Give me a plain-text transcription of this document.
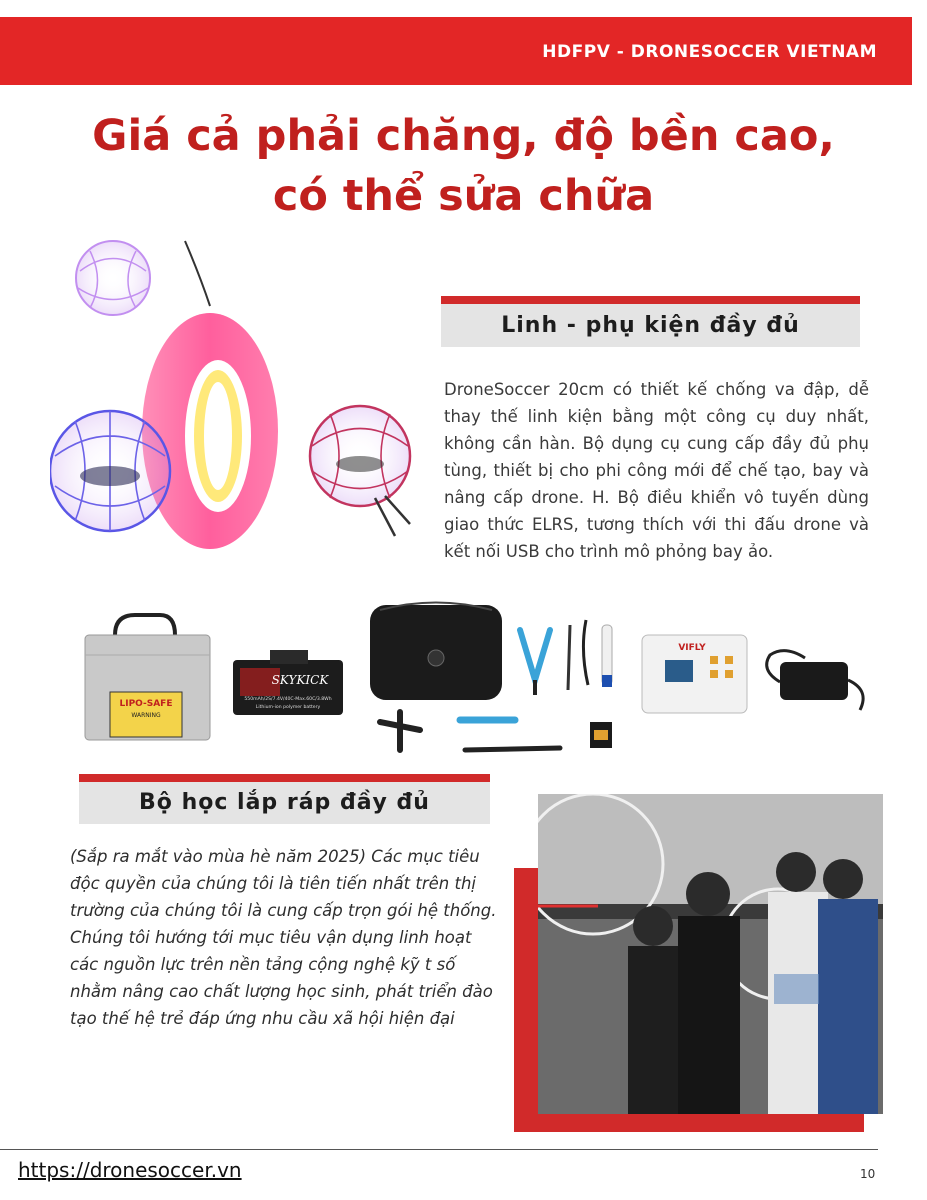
HDFPV - DRONESOCCER VIETNAM
Giá cả phải chăng, độ bền cao,
có thể sửa chữa
Linh - phụ kiện đầy đủ
DroneSoccer 20cm có thiết kế chống va đập, dễ thay thế linh kiện bằng một công cụ duy nhất, không cần hàn. Bộ dụng cụ cung cấp đầy đủ phụ tùng, thiết bị cho phi công mới để chế tạo, bay và nâng cấp drone. H. Bộ điều khiển vô tuyến dùng giao thức ELRS, tương thích với thi đấu drone và kết nối USB cho trình mô phỏng bay ảo.
LIPO-SAFE
WARNING
SKYKICK
550mAh/2S/7.4V/40C-Max.60C/3.8Wh
Lithium-ion polymer battery
VIFLY
Bộ học lắp ráp đầy đủ
(Sắp ra mắt vào mùa hè năm 2025) Các mục tiêu độc quyền của chúng tôi là tiên tiến nhất trên thị trường của chúng tôi là cung cấp trọn gói hệ thống. Chúng tôi hướng tới mục tiêu vận dụng linh hoạt các nguồn lực trên nền tảng cộng nghệ kỹ t số nhằm nâng cao chất lượng học sinh, phát triển đào tạo thế hệ trẻ đáp ứng nhu cầu xã hội hiện đại
https://dronesoccer.vn	10
